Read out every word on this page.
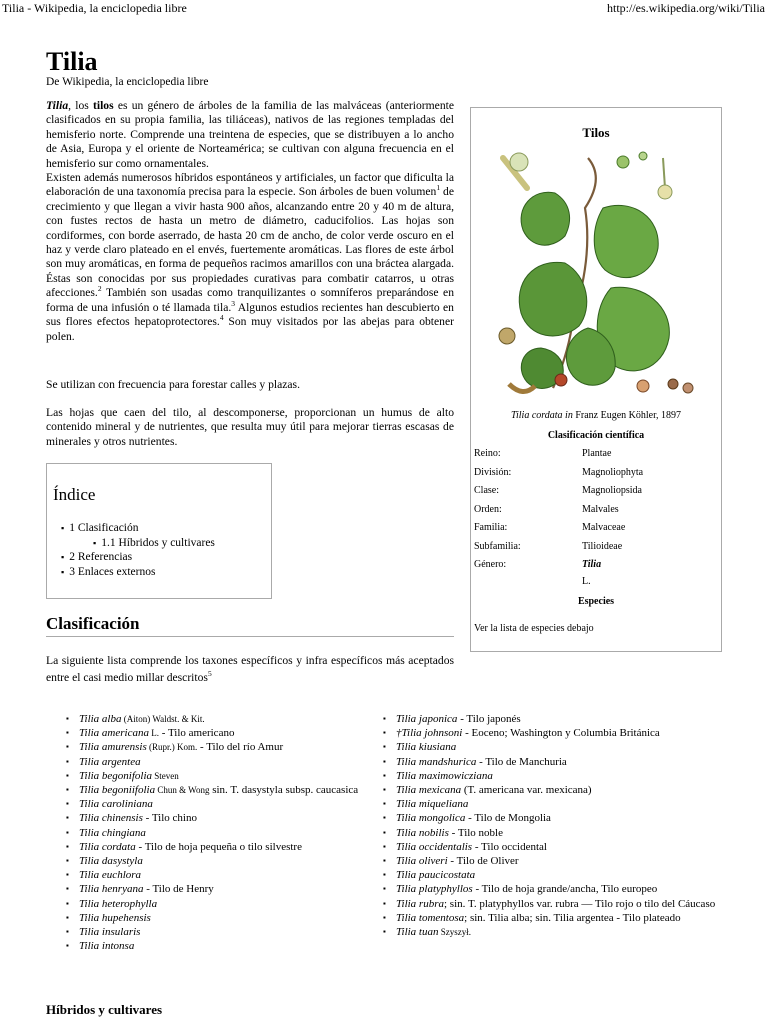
Tilia - Wikipedia, la enciclopedia libre	http://es.wikipedia.org/wiki/Tilia
Tilia
De Wikipedia, la enciclopedia libre

Tilia, los tilos es un género de árboles de la familia de las malváceas (anteriormente clasificados en su propia familia, las tiliáceas), nativos de las regiones templadas del hemisferio norte. Comprende una treintena de especies, que se distribuyen a lo ancho de Asia, Europa y el oriente de Norteamérica; se cultivan con alguna frecuencia en el hemisferio sur como ornamentales.

Existen además numerosos híbridos espontáneos y artificiales, un factor que dificulta la elaboración de una taxonomía precisa para la especie. Son árboles de buen volumen$^1$ de crecimiento y que llegan a vivir hasta 900 años, alcanzando entre 20 y 40 m de altura, con fustes rectos de hasta un metro de diámetro, caducifolios. Las hojas son cordiformes, con borde aserrado, de hasta 20 cm de ancho, de color verde oscuro en el haz y verde claro plateado en el envés, fuertemente aromáticas. Las flores de este árbol son muy aromáticas, en forma de pequeños racimos amarillos con una bráctea alargada. Éstas son conocidas por sus propiedades curativas para combatir catarros, u otras afecciones.$^2$ También son usadas como tranquilizantes o somníferos preparándose en forma de una infusión o té llamada tila.$^3$ Algunos estudios recientes han descubierto en sus flores efectos hepatoprotectores.$^4$ Son muy visitados por las abejas para obtener polen.

Se utilizan con frecuencia para forestar calles y plazas.
Las hojas que caen del tilo, al descomponerse, proporcionan un humus de alto contenido mineral y de nutrientes, que resulta muy útil para mejorar tierras escasas de minerales y otros nutrientes.
Índice
▪ 1 Clasificación
▪ 1.1 Híbridos y cultivares
▪ 2 Referencias
▪ 3 Enlaces externos
Clasificación
La siguiente lista comprende los taxones específicos y infra específicos más aceptados entre el casi medio millar descritos$^5$
▪ Tilia alba (Aiton) Waldst. & Kit.
▪ Tilia americana L. - Tilo americano
▪ Tilia amurensis (Rupr.) Kom. - Tilo del río Amur
▪ Tilia argentea
▪ Tilia begonifolia Steven
▪ Tilia begoniifolia Chun & Wong sin. T. dasystyla subsp. caucasica
▪ Tilia caroliniana
▪ Tilia chinensis - Tilo chino
▪ Tilia chingiana
▪ Tilia cordata - Tilo de hoja pequeña o tilo silvestre
▪ Tilia dasystyla
▪ Tilia euchlora
▪ Tilia henryana - Tilo de Henry
▪ Tilia heterophylla
▪ Tilia hupehensis
▪ Tilia insularis
▪ Tilia intonsa
▪ Tilia japonica - Tilo japonés
▪ †Tilia johnsoni - Eoceno; Washington y Columbia Británica
▪ Tilia kiusiana
▪ Tilia mandshurica - Tilo de Manchuria
▪ Tilia maximowicziana
▪ Tilia mexicana (T. americana var. mexicana)
▪ Tilia miqueliana
▪ Tilia mongolica - Tilo de Mongolia
▪ Tilia nobilis - Tilo noble
▪ Tilia occidentalis - Tilo occidental
▪ Tilia oliveri - Tilo de Oliver
▪ Tilia paucicostata
▪ Tilia platyphyllos - Tilo de hoja grande/ancha, Tilo europeo
▪ Tilia rubra; sin. T. platyphyllos var. rubra — Tilo rojo o tilo del Cáucaso
▪ Tilia tomentosa; sin. Tilia alba; sin. Tilia argentea - Tilo plateado
▪ Tilia tuan Szyszył.
Híbridos y cultivares
Tilos
Tilia cordata in Franz Eugen Köhler, 1897
Clasificación científica
Reino:	Plantae
División:	Magnoliophyta
Clase:	Magnoliopsida
Orden:	Malvales
Familia:	Malvaceae
Subfamilia:	Tilioideae
Género:	Tilia
L.
Especies
Ver la lista de especies debajo
